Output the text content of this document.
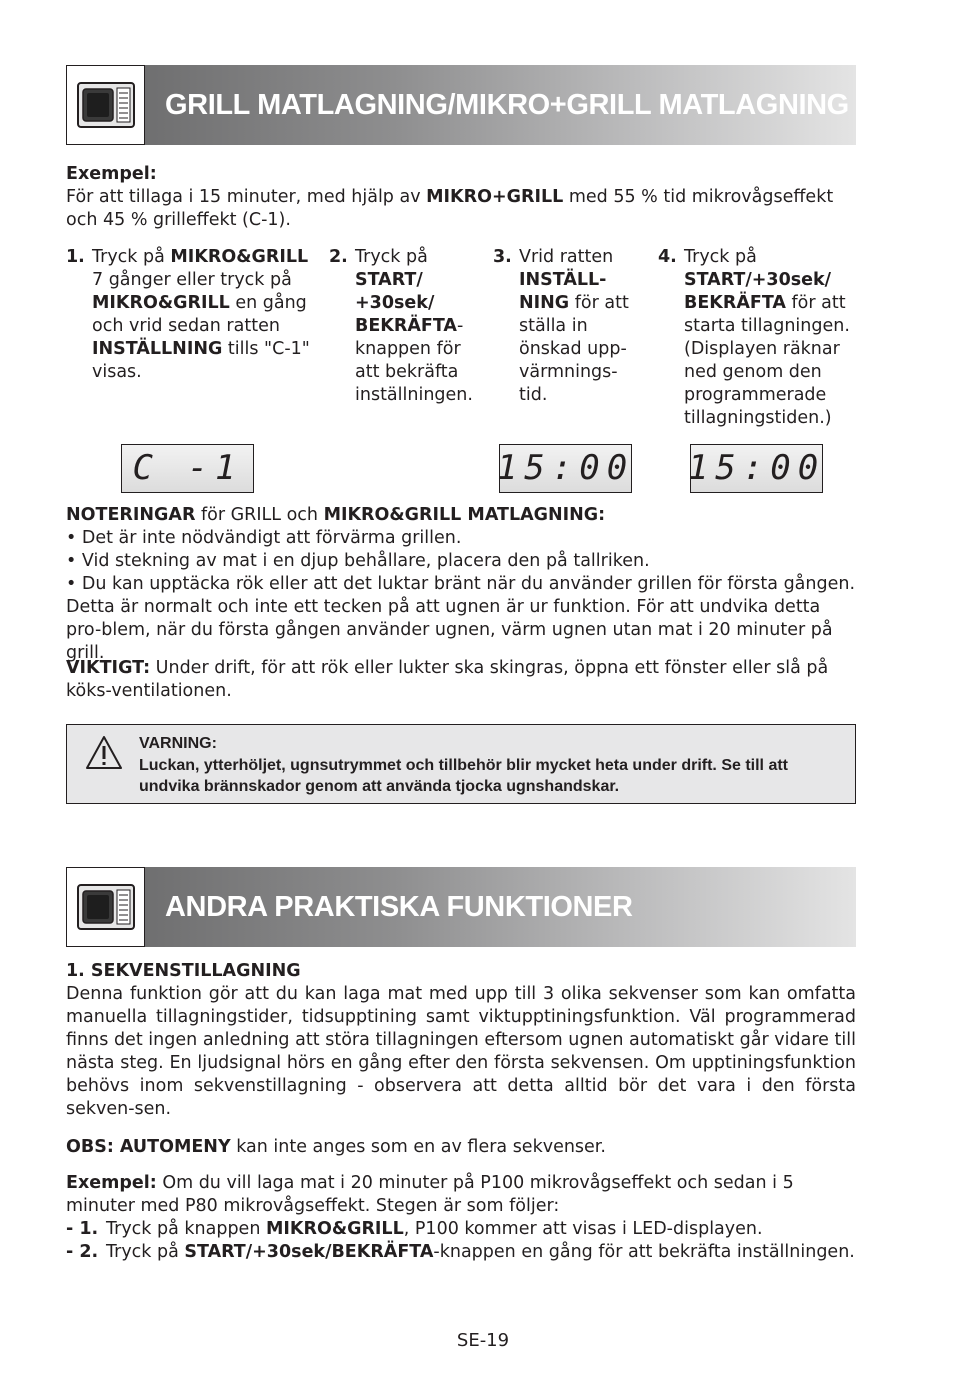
GRILL MATLAGNING/MIKRO+GRILL MATLAGNING

Exempel:

För att tillaga i 15 minuter, med hjälp av MIKRO+GRILL med 55 % tid mikrovågseffekt och 45 % grilleffekt (C-1).

1. Tryck på MIKRO&GRILL 7 gånger eller tryck på MIKRO&GRILL en gång och vrid sedan ratten INSTÄLLNING tills "C-1" visas.
2. Tryck på START/ +30sek/ BEKRÄFTA-knappen för att bekräfta inställningen.
3. Vrid ratten INSTÄLL-NING för att ställa in önskad upp-värmnings-tid.
4. Tryck på START/+30sek/ BEKRÄFTA för att starta tillagningen. (Displayen räknar ned genom den programmerade tillagningstiden.)
C -1	15:00 15:00

NOTERINGAR för GRILL och MIKRO&GRILL MATLAGNING:

• Det är inte nödvändigt att förvärma grillen.

• Vid stekning av mat i en djup behållare, placera den på tallriken.

• Du kan upptäcka rök eller att det luktar bränt när du använder grillen för första gången. Detta är normalt och inte ett tecken på att ugnen är ur funktion. För att undvika detta pro-blem, när du första gången använder ugnen, värm ugnen utan mat i 20 minuter på grill.

VIKTIGT: Under drift, för att rök eller lukter ska skingras, öppna ett fönster eller slå på köks-ventilationen.

VARNING:
Luckan, ytterhöljet, ugnsutrymmet och tillbehör blir mycket heta under drift. Se till att undvika brännskador genom att använda tjocka ugnshandskar.
ANDRA PRAKTISKA FUNKTIONER

1. SEKVENSTILLAGNING

Denna funktion gör att du kan laga mat med upp till 3 olika sekvenser som kan omfatta manuella tillagningstider, tidsupptining samt viktupptiningsfunktion. Väl programmerad finns det ingen anledning att störa tillagningen eftersom ugnen automatiskt går vidare till nästa steg. En ljudsignal hörs en gång efter den första sekvensen. Om upptiningsfunktion behövs inom sekvenstillagning - observera att detta alltid bör det vara i den första sekven-sen.

OBS: AUTOMENY kan inte anges som en av flera sekvenser.

Exempel: Om du vill laga mat i 20 minuter på P100 mikrovågseffekt och sedan i 5 minuter med P80 mikrovågseffekt. Stegen är som följer:

- 1. Tryck på knappen MIKRO&GRILL, P100 kommer att visas i LED-displayen.

- 2. Tryck på START/+30sek/BEKRÄFTA-knappen en gång för att bekräfta inställningen.

SE-19
